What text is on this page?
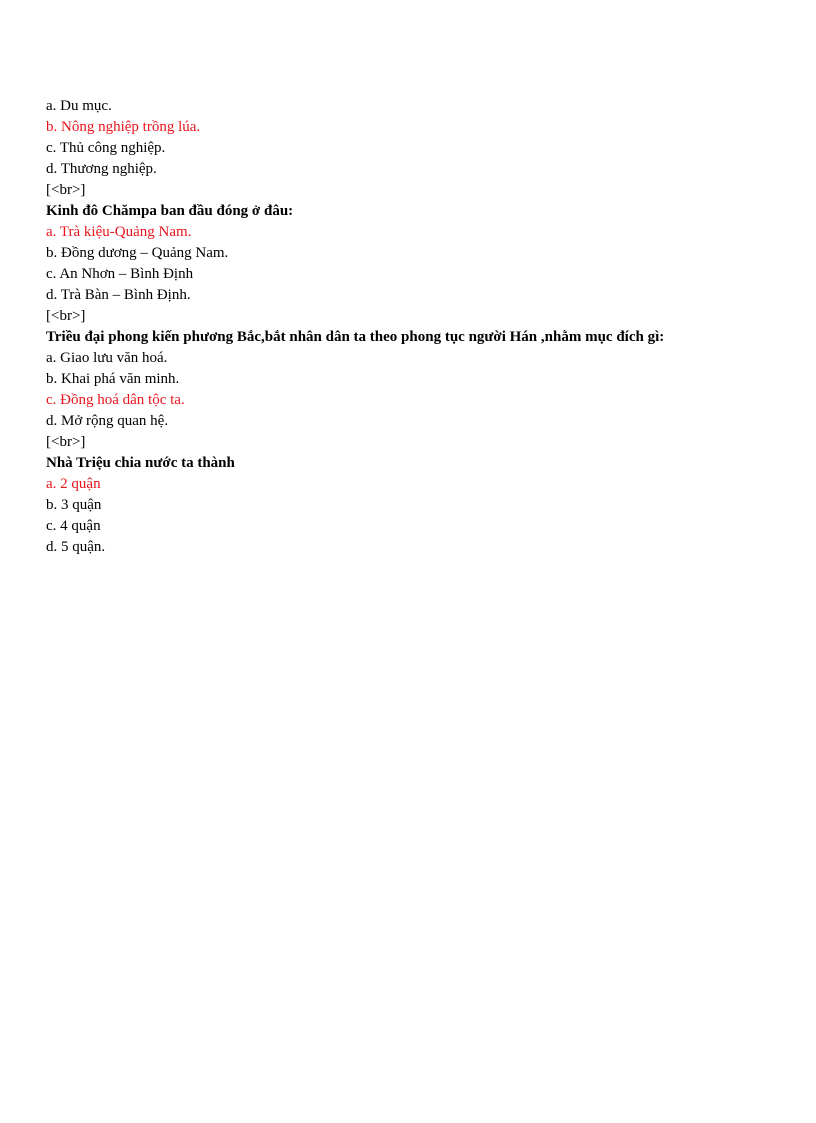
a. Du mục.
b. Nông nghiệp trồng lúa.
c. Thủ công nghiệp.
d. Thương nghiệp.
[<br>]
Kinh đô Chămpa ban đầu đóng ở đâu:
a. Trà kiệu-Quảng Nam.
b. Đồng dương – Quảng Nam.
c. An Nhơn – Bình Định
d. Trà Bàn – Bình Định.
[<br>]
Triều đại phong kiến phương Bắc,bắt nhân dân ta theo phong tục người Hán ,nhằm mục đích gì:
a. Giao lưu văn hoá.
b. Khai phá văn minh.
c. Đồng hoá dân tộc ta.
d. Mở rộng quan hệ.
[<br>]
Nhà Triệu chia nước ta thành
a. 2 quận
b. 3 quận
c. 4 quận
d. 5 quận.
